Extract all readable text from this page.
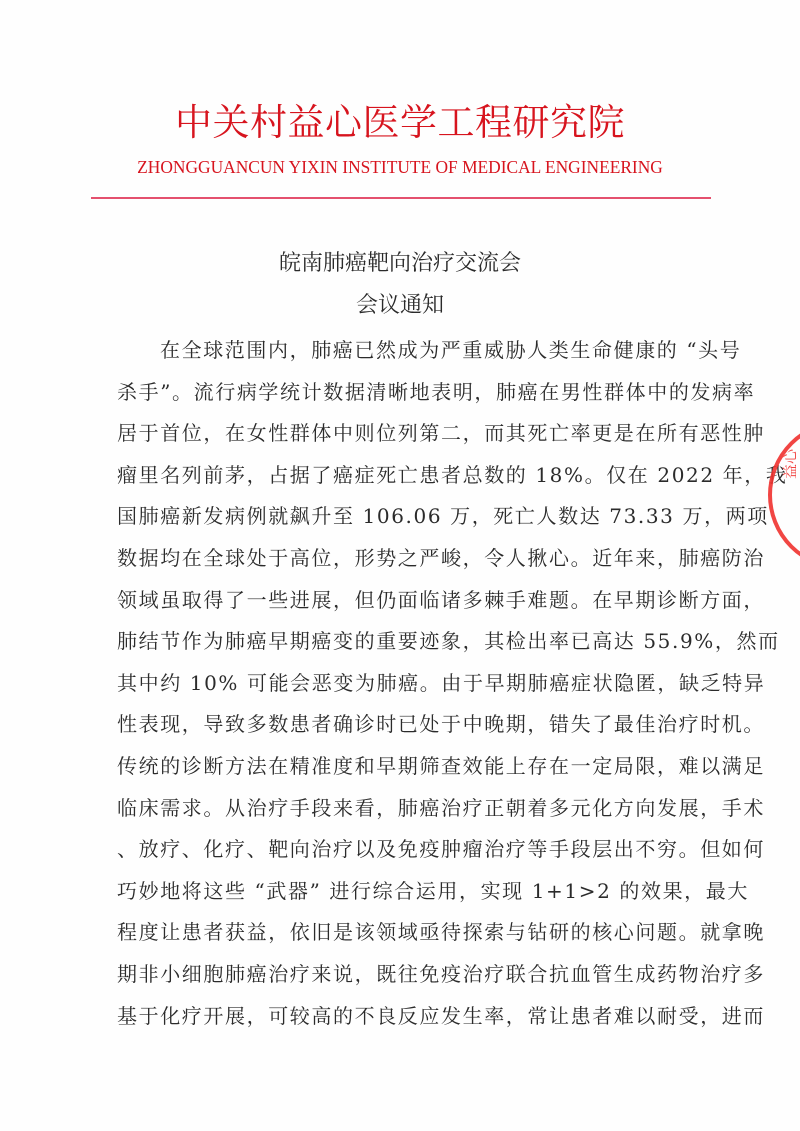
中关村益心医学工程研究院
ZHONGGUANCUN YIXIN INSTITUTE OF MEDICAL ENGINEERING
皖南肺癌靶向治疗交流会
会议通知
在全球范围内，肺癌已然成为严重威胁人类生命健康的 “头号
杀手”。流行病学统计数据清晰地表明，肺癌在男性群体中的发病率
居于首位，在女性群体中则位列第二，而其死亡率更是在所有恶性肿
瘤里名列前茅，占据了癌症死亡患者总数的 18%。仅在 2022 年，我
国肺癌新发病例就飙升至 106.06 万，死亡人数达 73.33 万，两项
数据均在全球处于高位，形势之严峻，令人揪心。近年来，肺癌防治
领域虽取得了一些进展，但仍面临诸多棘手难题。在早期诊断方面，
肺结节作为肺癌早期癌变的重要迹象，其检出率已高达 55.9%，然而
其中约 10% 可能会恶变为肺癌。由于早期肺癌症状隐匿，缺乏特异
性表现，导致多数患者确诊时已处于中晚期，错失了最佳治疗时机。
传统的诊断方法在精准度和早期筛查效能上存在一定局限，难以满足
临床需求。从治疗手段来看，肺癌治疗正朝着多元化方向发展，手术
、放疗、化疗、靶向治疗以及免疫肿瘤治疗等手段层出不穷。但如何
巧妙地将这些 “武器” 进行综合运用，实现 1+1>2 的效果，最大
程度让患者获益，依旧是该领域亟待探索与钻研的核心问题。就拿晚
期非小细胞肺癌治疗来说，既往免疫治疗联合抗血管生成药物治疗多
基于化疗开展，可较高的不良反应发生率，常让患者难以耐受，进而
益心
